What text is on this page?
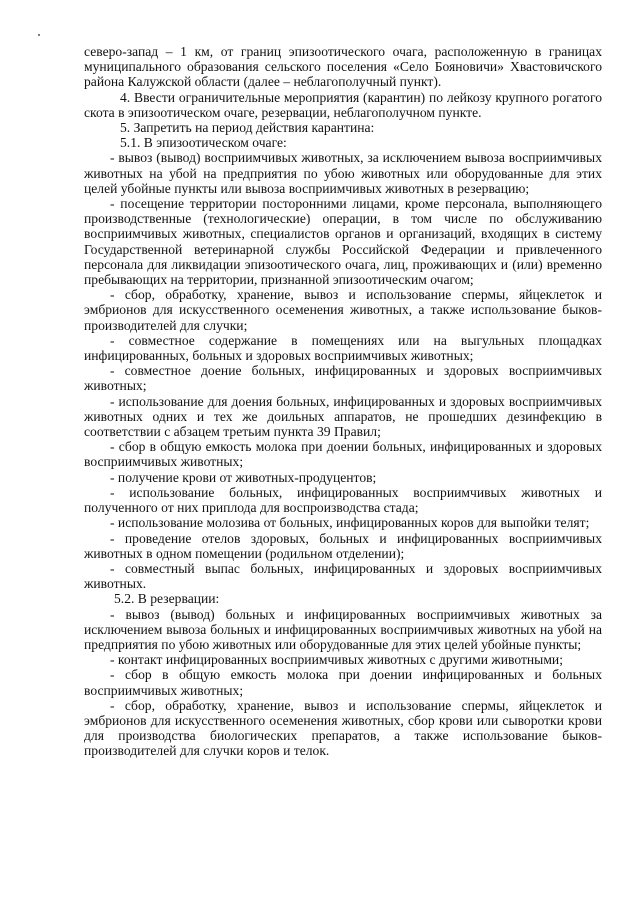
северо-запад – 1 км, от границ эпизоотического очага, расположенную в границах муниципального образования сельского поселения «Село Бояновичи» Хвастовичского района Калужской области (далее – неблагополучный пункт).

4. Ввести ограничительные мероприятия (карантин) по лейкозу крупного рогатого скота в эпизоотическом очаге, резервации, неблагополучном пункте.

5. Запретить на период действия карантина:

5.1. В эпизоотическом очаге:

- вывоз (вывод) восприимчивых животных, за исключением вывоза восприимчивых животных на убой на предприятия по убою животных или оборудованные для этих целей убойные пункты или вывоза восприимчивых животных в резервацию;

- посещение территории посторонними лицами, кроме персонала, выполняющего производственные (технологические) операции, в том числе по обслуживанию восприимчивых животных, специалистов органов и организаций, входящих в систему Государственной ветеринарной службы Российской Федерации и привлеченного персонала для ликвидации эпизоотического очага, лиц, проживающих и (или) временно пребывающих на территории, признанной эпизоотическим очагом;

- сбор, обработку, хранение, вывоз и использование спермы, яйцеклеток и эмбрионов для искусственного осеменения животных, а также использование быков-производителей для случки;

- совместное содержание в помещениях или на выгульных площадках инфицированных, больных и здоровых восприимчивых животных;

- совместное доение больных, инфицированных и здоровых восприимчивых животных;

- использование для доения больных, инфицированных и здоровых восприимчивых животных одних и тех же доильных аппаратов, не прошедших дезинфекцию в соответствии с абзацем третьим пункта 39 Правил;

- сбор в общую емкость молока при доении больных, инфицированных и здоровых восприимчивых животных;

- получение крови от животных-продуцентов;

- использование больных, инфицированных восприимчивых животных и полученного от них приплода для воспроизводства стада;

- использование молозива от больных, инфицированных коров для выпойки телят;

- проведение отелов здоровых, больных и инфицированных восприимчивых животных в одном помещении (родильном отделении);

- совместный выпас больных, инфицированных и здоровых восприимчивых животных.

5.2. В резервации:

- вывоз (вывод) больных и инфицированных восприимчивых животных за исключением вывоза больных и инфицированных восприимчивых животных на убой на предприятия по убою животных или оборудованные для этих целей убойные пункты;

- контакт инфицированных восприимчивых животных с другими животными;

- сбор в общую емкость молока при доении инфицированных и больных восприимчивых животных;

- сбор, обработку, хранение, вывоз и использование спермы, яйцеклеток и эмбрионов для искусственного осеменения животных, сбор крови или сыворотки крови для производства биологических препаратов, а также использование быков-производителей для случки коров и телок.
